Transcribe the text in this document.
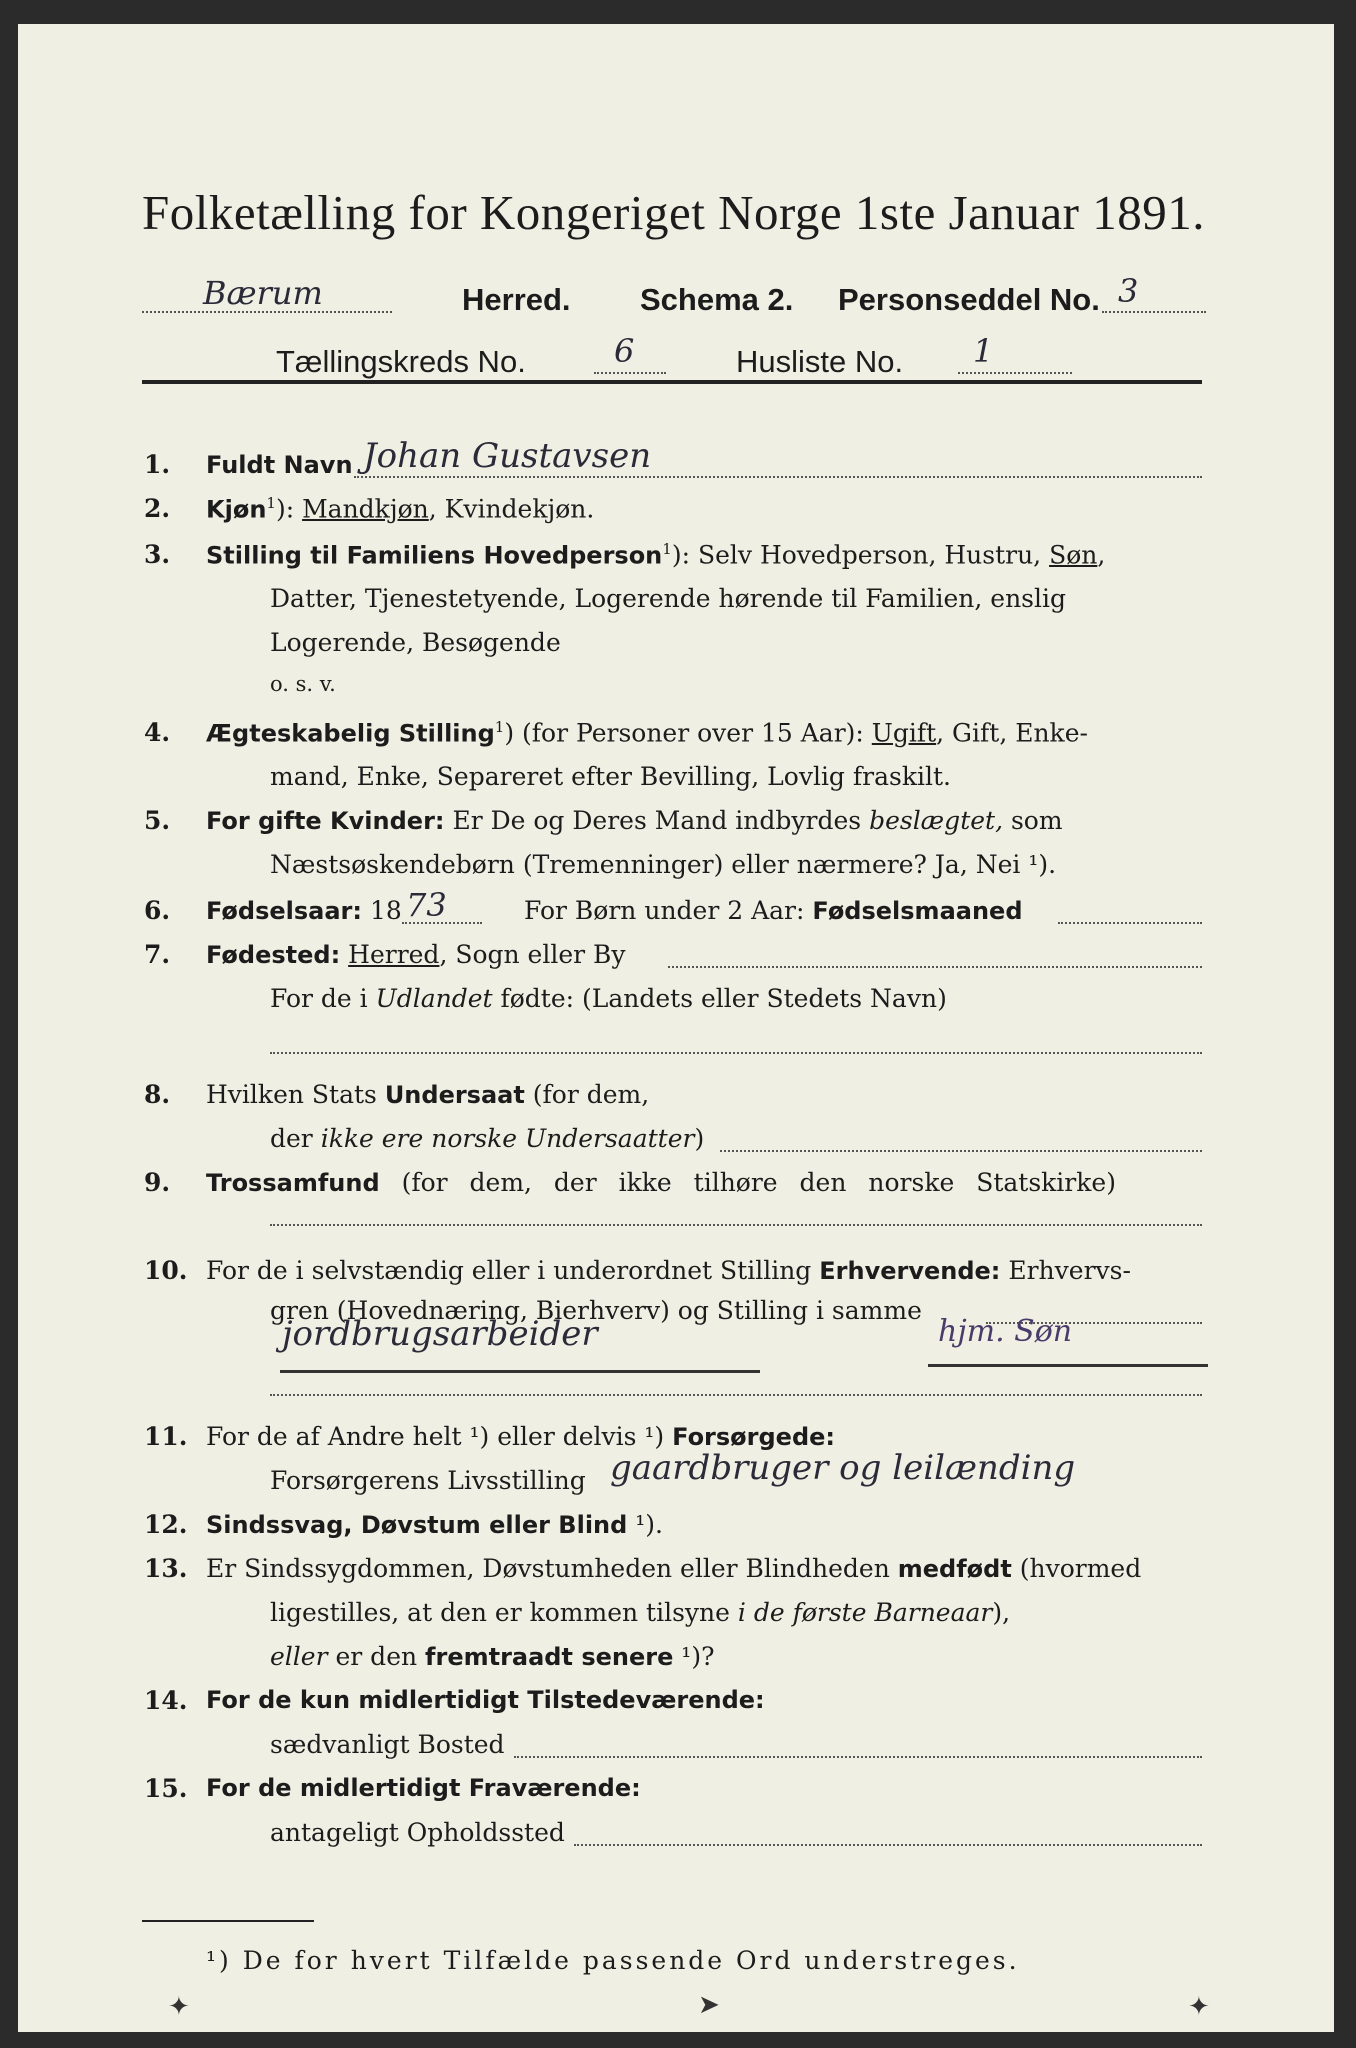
Folketælling for Kongeriget Norge 1ste Januar 1891.
Bærum	Herred. Schema 2. Personseddel No. 3
Tællingskreds No.	6	Husliste No. 1
1. Fuldt Navn Johan Gustavsen
2. Kjøn$^1$): Mandkjøn, Kvindekjøn.
3. Stilling til Familiens Hovedperson$^1$): Selv Hovedperson, Hustru, Søn,
Datter, Tjenestetyende, Logerende hørende til Familien, enslig
Logerende, Besøgende
o. s. v.
4. Ægteskabelig Stilling$^1$) (for Personer over 15 Aar): Ugift, Gift, Enke-
mand, Enke, Separeret efter Bevilling, Lovlig fraskilt.
5. For gifte Kvinder: Er De og Deres Mand indbyrdes beslægtet, som
Næstsøskendebørn (Tremenninger) eller nærmere? Ja, Nei ¹).
6. Fødselsaar: 18 73	For Børn under 2 Aar: Fødselsmaaned
7. Fødested: Herred, Sogn eller By
For de i Udlandet fødte: (Landets eller Stedets Navn)
8. Hvilken Stats Undersaat (for dem,
der ikke ere norske Undersaatter)
9. Trossamfund (for dem, der ikke tilhøre den norske Statskirke)
10. For de i selvstændig eller i underordnet Stilling Erhvervende: Erhvervs-
gren (Hovednæring, Bierhverv) og Stilling i samme
jordbrugsarbeider	hjm. Søn
11. For de af Andre helt ¹) eller delvis ¹) Forsørgede:
Forsørgerens Livsstilling gaardbruger og leilænding
12. Sindssvag, Døvstum eller Blind ¹).
13. Er Sindssygdommen, Døvstumheden eller Blindheden medfødt (hvormed
ligestilles, at den er kommen tilsyne i de første Barneaar),
eller er den fremtraadt senere ¹)?
14. For de kun midlertidigt Tilstedeværende:
sædvanligt Bosted
15. For de midlertidigt Fraværende:
antageligt Opholdssted
¹) De for hvert Tilfælde passende Ord understreges.
✦	➤	✦
